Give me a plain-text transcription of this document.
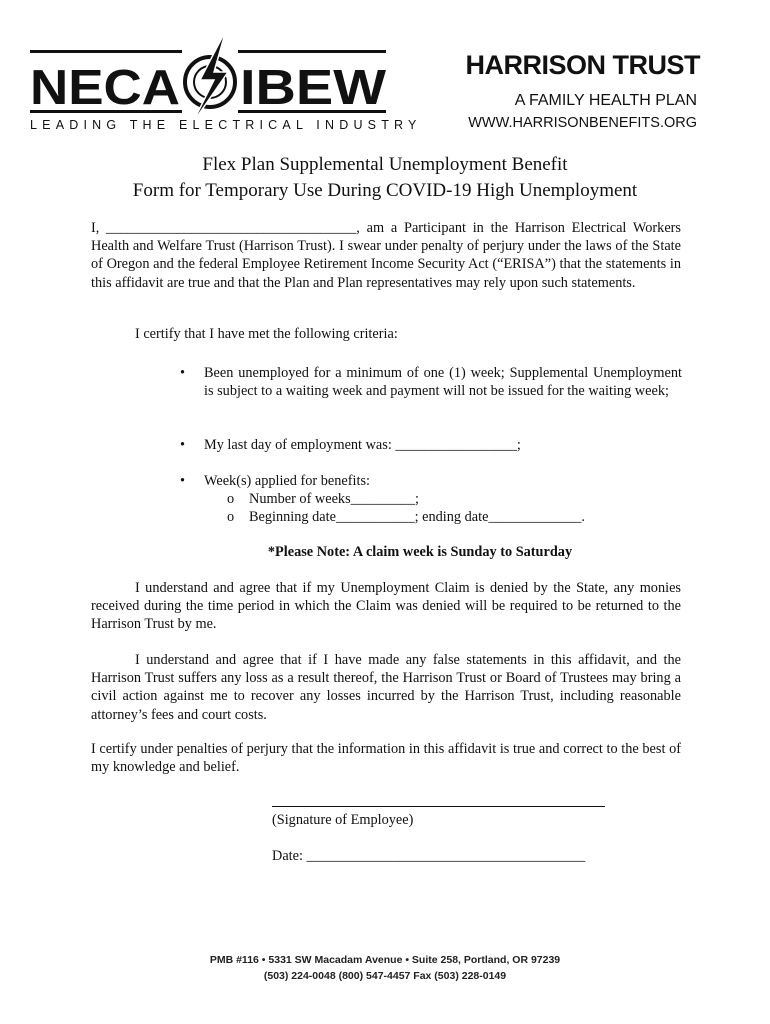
NECA IBEW
LEADING THE ELECTRICAL INDUSTRY
HARRISON TRUST
A FAMILY HEALTH PLAN
WWW.HARRISONBENEFITS.ORG
Flex Plan Supplemental Unemployment Benefit
Form for Temporary Use During COVID-19 High Unemployment
I, ___________________________________, am a Participant in the Harrison Electrical Workers Health and Welfare Trust (Harrison Trust). I swear under penalty of perjury under the laws of the State of Oregon and the federal Employee Retirement Income Security Act (“ERISA”) that the statements in this affidavit are true and that the Plan and Plan representatives may rely upon such statements.
I certify that I have met the following criteria:
• Been unemployed for a minimum of one (1) week; Supplemental Unemployment is subject to a waiting week and payment will not be issued for the waiting week;
• My last day of employment was: _________________;
• Week(s) applied for benefits:
o Number of weeks_________;
o Beginning date___________; ending date_____________.
*Please Note: A claim week is Sunday to Saturday
I understand and agree that if my Unemployment Claim is denied by the State, any monies received during the time period in which the Claim was denied will be required to be returned to the Harrison Trust by me.
I understand and agree that if I have made any false statements in this affidavit, and the Harrison Trust suffers any loss as a result thereof, the Harrison Trust or Board of Trustees may bring a civil action against me to recover any losses incurred by the Harrison Trust, including reasonable attorney’s fees and court costs.
I certify under penalties of perjury that the information in this affidavit is true and correct to the best of my knowledge and belief.
(Signature of Employee)
Date: _______________________________________
PMB #116 • 5331 SW Macadam Avenue • Suite 258, Portland, OR 97239
(503) 224-0048 (800) 547-4457 Fax (503) 228-0149
